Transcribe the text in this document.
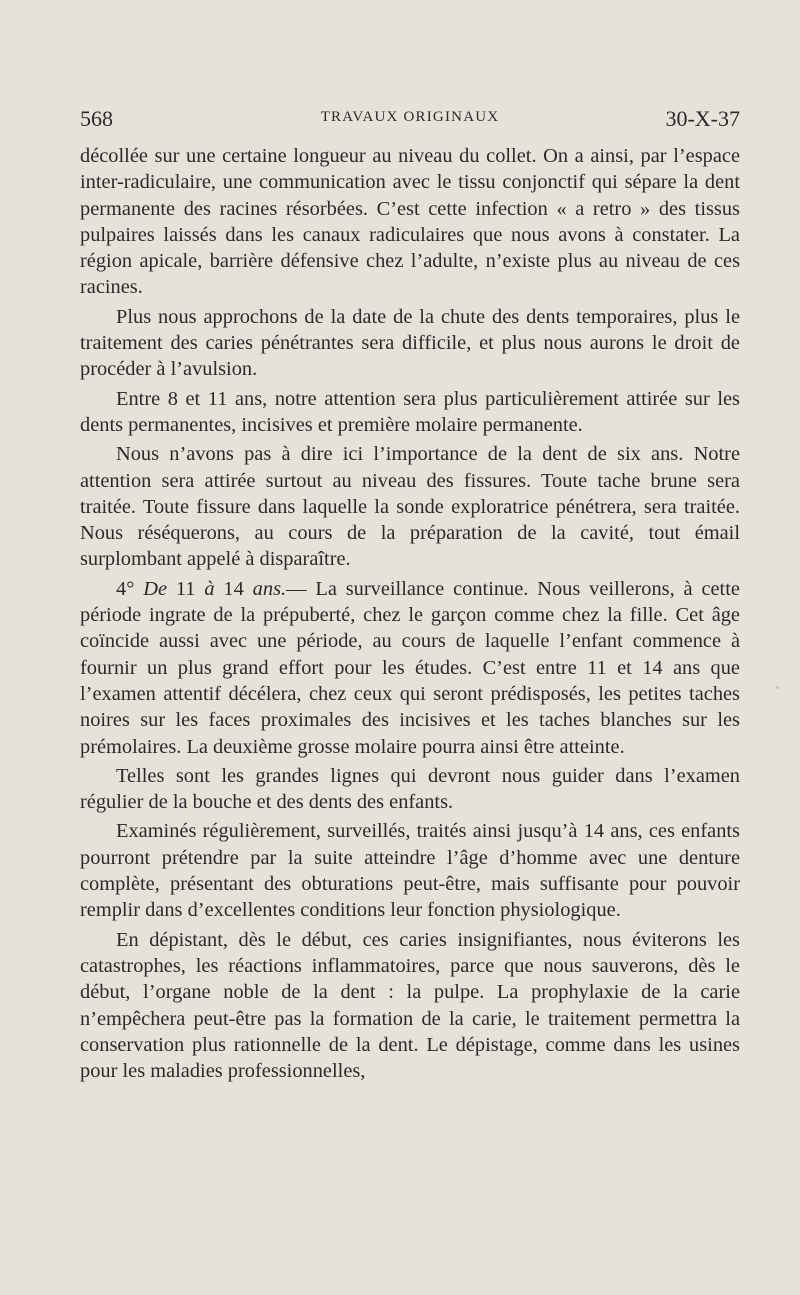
568	TRAVAUX ORIGINAUX	30-X-37

décollée sur une certaine longueur au niveau du collet. On a ainsi, par l’espace inter-radiculaire, une communication avec le tissu conjonctif qui sépare la dent permanente des racines résorbées. C’est cette infection « a retro » des tissus pulpaires laissés dans les canaux radiculaires que nous avons à constater. La région apicale, barrière défensive chez l’adulte, n’existe plus au niveau de ces racines.

Plus nous approchons de la date de la chute des dents temporaires, plus le traitement des caries pénétrantes sera difficile, et plus nous aurons le droit de procéder à l’avulsion.

Entre 8 et 11 ans, notre attention sera plus particulièrement attirée sur les dents permanentes, incisives et première molaire permanente.

Nous n’avons pas à dire ici l’importance de la dent de six ans. Notre attention sera attirée surtout au niveau des fissures. Toute tache brune sera traitée. Toute fissure dans laquelle la sonde exploratrice pénétrera, sera traitée. Nous réséquerons, au cours de la préparation de la cavité, tout émail surplombant appelé à disparaître.

4° De 11 à 14 ans.— La surveillance continue. Nous veillerons, à cette période ingrate de la prépuberté, chez le garçon comme chez la fille. Cet âge coïncide aussi avec une période, au cours de laquelle l’enfant commence à fournir un plus grand effort pour les études. C’est entre 11 et 14 ans que l’examen attentif décélera, chez ceux qui seront prédisposés, les petites taches noires sur les faces proximales des incisives et les taches blanches sur les prémolaires. La deuxième grosse molaire pourra ainsi être atteinte.

Telles sont les grandes lignes qui devront nous guider dans l’examen régulier de la bouche et des dents des enfants.

Examinés régulièrement, surveillés, traités ainsi jusqu’à 14 ans, ces enfants pourront prétendre par la suite atteindre l’âge d’homme avec une denture complète, présentant des obturations peut-être, mais suffisante pour pouvoir remplir dans d’excellentes conditions leur fonction physiologique.

En dépistant, dès le début, ces caries insignifiantes, nous éviterons les catastrophes, les réactions inflammatoires, parce que nous sauverons, dès le début, l’organe noble de la dent : la pulpe. La prophylaxie de la carie n’empêchera peut-être pas la formation de la carie, le traitement permettra la conservation plus rationnelle de la dent. Le dépistage, comme dans les usines pour les maladies professionnelles,
